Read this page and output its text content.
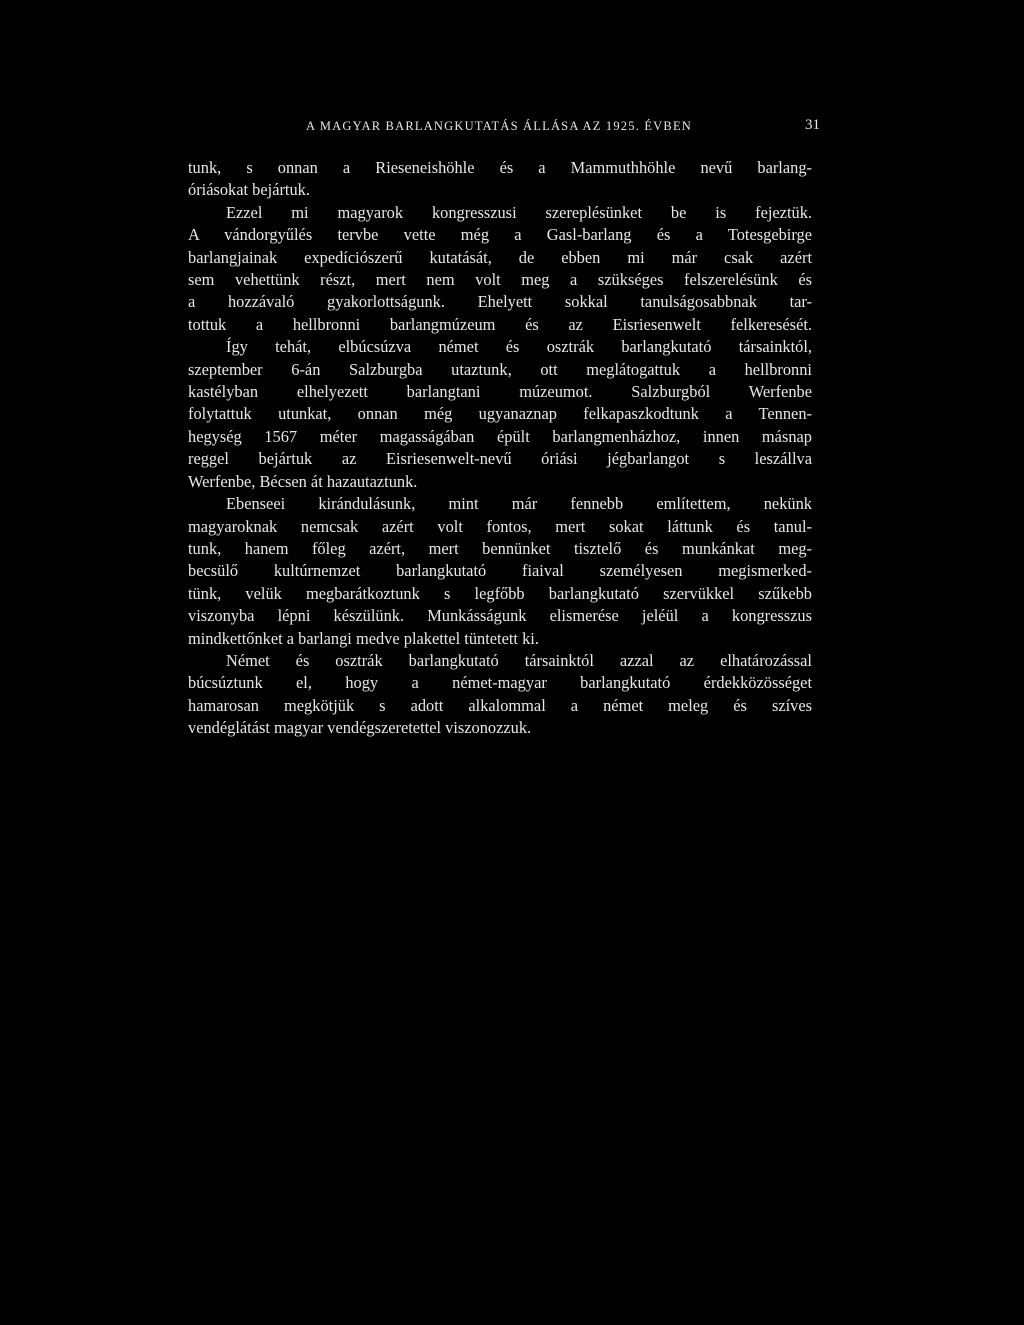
A MAGYAR BARLANGKUTATÁS ÁLLÁSA AZ 1925. ÉVBEN	31

tunk, s onnan a Rieseneishöhle és a Mammuthhöhle nevű barlang-

óriásokat bejártuk.

Ezzel mi magyarok kongresszusi szereplésünket be is fejeztük.

A vándorgyűlés tervbe vette még a Gasl-barlang és a Totesgebirge

barlangjainak expedíciószerű kutatását, de ebben mi már csak azért

sem vehettünk részt, mert nem volt meg a szükséges felszerelésünk és

a hozzávaló gyakorlottságunk. Ehelyett sokkal tanulságosabbnak tar-

tottuk a hellbronni barlangmúzeum és az Eisriesenwelt felkeresését.

Így tehát, elbúcsúzva német és osztrák barlangkutató társainktól,

szeptember 6-án Salzburgba utaztunk, ott meglátogattuk a hellbronni

kastélyban elhelyezett barlangtani múzeumot. Salzburgból Werfenbe

folytattuk utunkat, onnan még ugyanaznap felkapaszkodtunk a Tennen-

hegység 1567 méter magasságában épült barlangmenházhoz, innen másnap

reggel bejártuk az Eisriesenwelt-nevű óriási jégbarlangot s leszállva

Werfenbe, Bécsen át hazautaztunk.

Ebenseei kirándulásunk, mint már fennebb említettem, nekünk

magyaroknak nemcsak azért volt fontos, mert sokat láttunk és tanul-

tunk, hanem főleg azért, mert bennünket tisztelő és munkánkat meg-

becsülő kultúrnemzet barlangkutató fiaival személyesen megismerked-

tünk, velük megbarátkoztunk s legfőbb barlangkutató szervükkel szűkebb

viszonyba lépni készülünk. Munkásságunk elismerése jeléül a kongresszus

mindkettőnket a barlangi medve plakettel tüntetett ki.

Német és osztrák barlangkutató társainktól azzal az elhatározással

búcsúztunk el, hogy a német-magyar barlangkutató érdekközösséget

hamarosan megkötjük s adott alkalommal a német meleg és szíves

vendéglátást magyar vendégszeretettel viszonozzuk.
